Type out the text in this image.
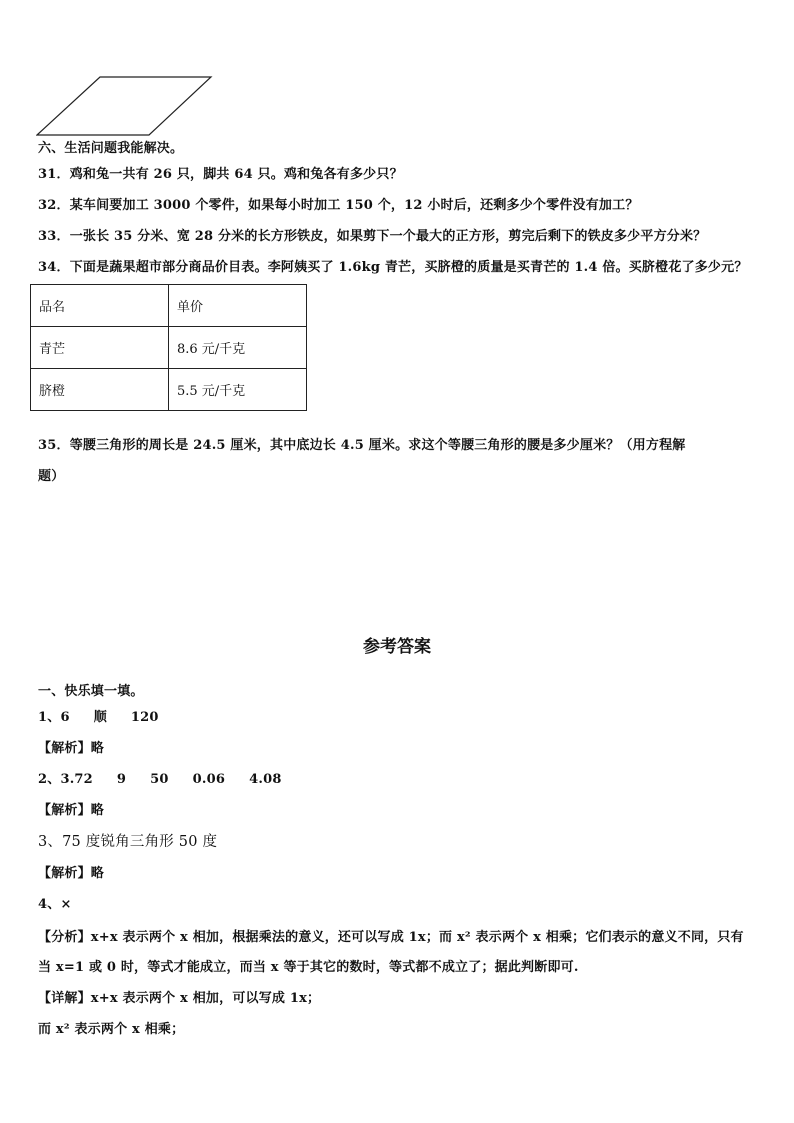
六、生活问题我能解决。
31．鸡和兔一共有 26 只，脚共 64 只。鸡和兔各有多少只？
32．某车间要加工 3000 个零件，如果每小时加工 150 个，12 小时后，还剩多少个零件没有加工？
33．一张长 35 分米、宽 28 分米的长方形铁皮，如果剪下一个最大的正方形，剪完后剩下的铁皮多少平方分米？
34．下面是蔬果超市部分商品价目表。李阿姨买了 1.6kg 青芒，买脐橙的质量是买青芒的 1.4 倍。买脐橙花了多少元？
品名	单价
青芒	8.6 元/千克
脐橙	5.5 元/千克
35．等腰三角形的周长是 24.5 厘米，其中底边长 4.5 厘米。求这个等腰三角形的腰是多少厘米？（用方程解
题）
参考答案
一、快乐填一填。
1、6 顺 120
【解析】略
2、3.72 9 50 0.06 4.08
【解析】略
3、75 度锐角三角形 50 度
【解析】略
4、×
【分析】x+x 表示两个 x 相加，根据乘法的意义，还可以写成 1x；而 x² 表示两个 x 相乘；它们表示的意义不同，只有
当 x=1 或 0 时，等式才能成立，而当 x 等于其它的数时，等式都不成立了；据此判断即可.
【详解】x+x 表示两个 x 相加，可以写成 1x；
而 x² 表示两个 x 相乘；
